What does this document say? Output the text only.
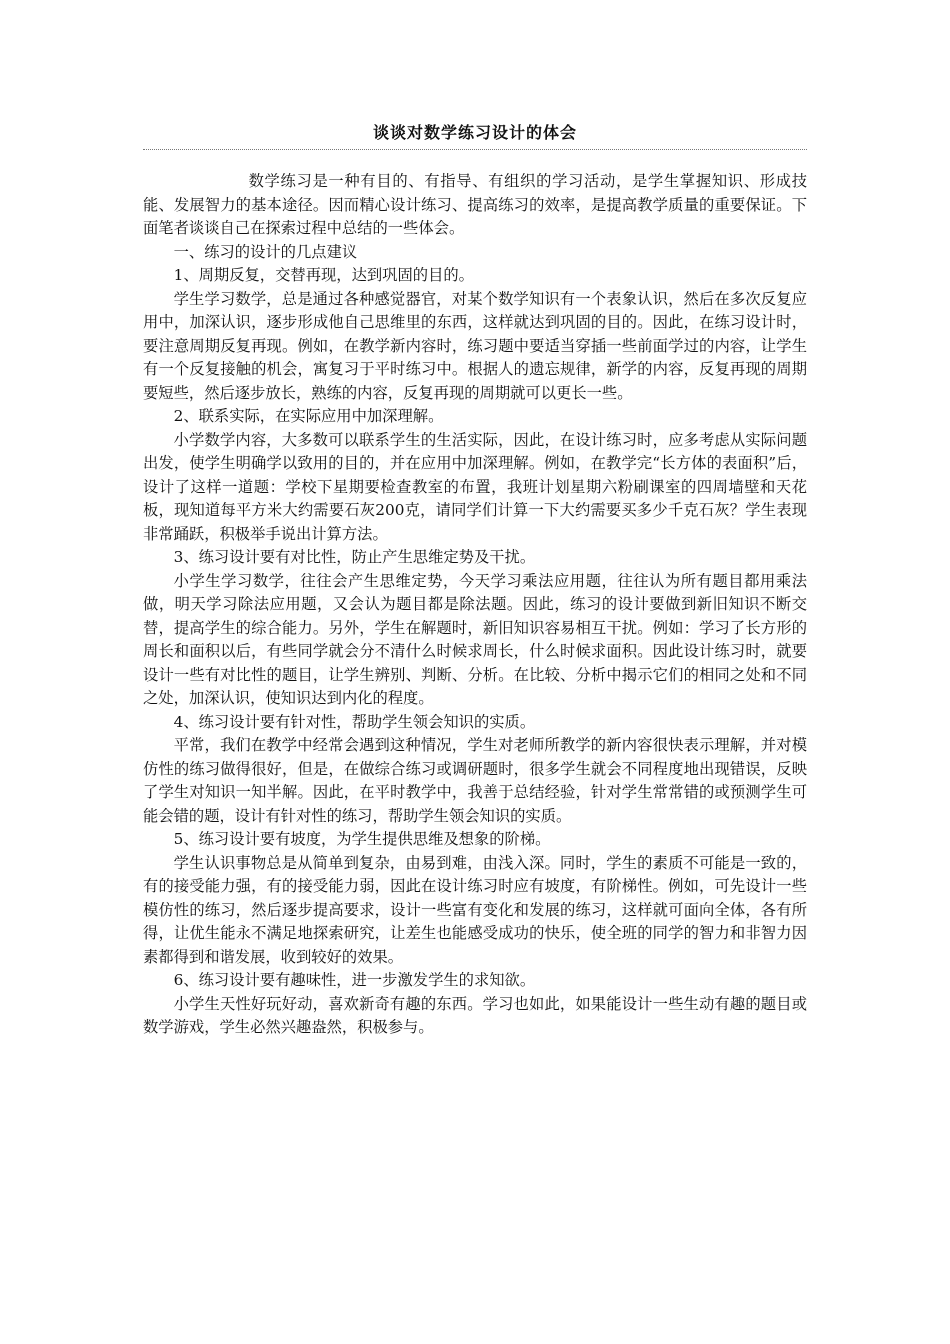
谈谈对数学练习设计的体会

数学练习是一种有目的、有指导、有组织的学习活动，是学生掌握知识、形成技能、发展智力的基本途径。因而精心设计练习、提高练习的效率，是提高教学质量的重要保证。下面笔者谈谈自己在探索过程中总结的一些体会。

一、练习的设计的几点建议

1、周期反复，交替再现，达到巩固的目的。

学生学习数学，总是通过各种感觉器官，对某个数学知识有一个表象认识，然后在多次反复应用中，加深认识，逐步形成他自己思维里的东西，这样就达到巩固的目的。因此，在练习设计时，要注意周期反复再现。例如，在教学新内容时，练习题中要适当穿插一些前面学过的内容，让学生有一个反复接触的机会，寓复习于平时练习中。根据人的遗忘规律，新学的内容，反复再现的周期要短些，然后逐步放长，熟练的内容，反复再现的周期就可以更长一些。

2、联系实际，在实际应用中加深理解。

小学数学内容，大多数可以联系学生的生活实际，因此，在设计练习时，应多考虑从实际问题出发，使学生明确学以致用的目的，并在应用中加深理解。例如，在教学完“长方体的表面积”后，设计了这样一道题：学校下星期要检查教室的布置，我班计划星期六粉刷课室的四周墙壁和天花板，现知道每平方米大约需要石灰200克，请同学们计算一下大约需要买多少千克石灰？学生表现非常踊跃，积极举手说出计算方法。

3、练习设计要有对比性，防止产生思维定势及干扰。

小学生学习数学，往往会产生思维定势，今天学习乘法应用题，往往认为所有题目都用乘法做，明天学习除法应用题，又会认为题目都是除法题。因此，练习的设计要做到新旧知识不断交替，提高学生的综合能力。另外，学生在解题时，新旧知识容易相互干扰。例如：学习了长方形的周长和面积以后，有些同学就会分不清什么时候求周长，什么时候求面积。因此设计练习时，就要设计一些有对比性的题目，让学生辨别、判断、分析。在比较、分析中揭示它们的相同之处和不同之处，加深认识，使知识达到内化的程度。

4、练习设计要有针对性，帮助学生领会知识的实质。

平常，我们在教学中经常会遇到这种情况，学生对老师所教学的新内容很快表示理解，并对模仿性的练习做得很好，但是，在做综合练习或调研题时，很多学生就会不同程度地出现错误，反映了学生对知识一知半解。因此，在平时教学中，我善于总结经验，针对学生常常错的或预测学生可能会错的题，设计有针对性的练习，帮助学生领会知识的实质。

5、练习设计要有坡度，为学生提供思维及想象的阶梯。

学生认识事物总是从简单到复杂，由易到难，由浅入深。同时，学生的素质不可能是一致的，有的接受能力强，有的接受能力弱，因此在设计练习时应有坡度，有阶梯性。例如，可先设计一些模仿性的练习，然后逐步提高要求，设计一些富有变化和发展的练习，这样就可面向全体，各有所得，让优生能永不满足地探索研究，让差生也能感受成功的快乐，使全班的同学的智力和非智力因素都得到和谐发展，收到较好的效果。

6、练习设计要有趣味性，进一步激发学生的求知欲。

小学生天性好玩好动，喜欢新奇有趣的东西。学习也如此，如果能设计一些生动有趣的题目或数学游戏，学生必然兴趣盎然，积极参与。
